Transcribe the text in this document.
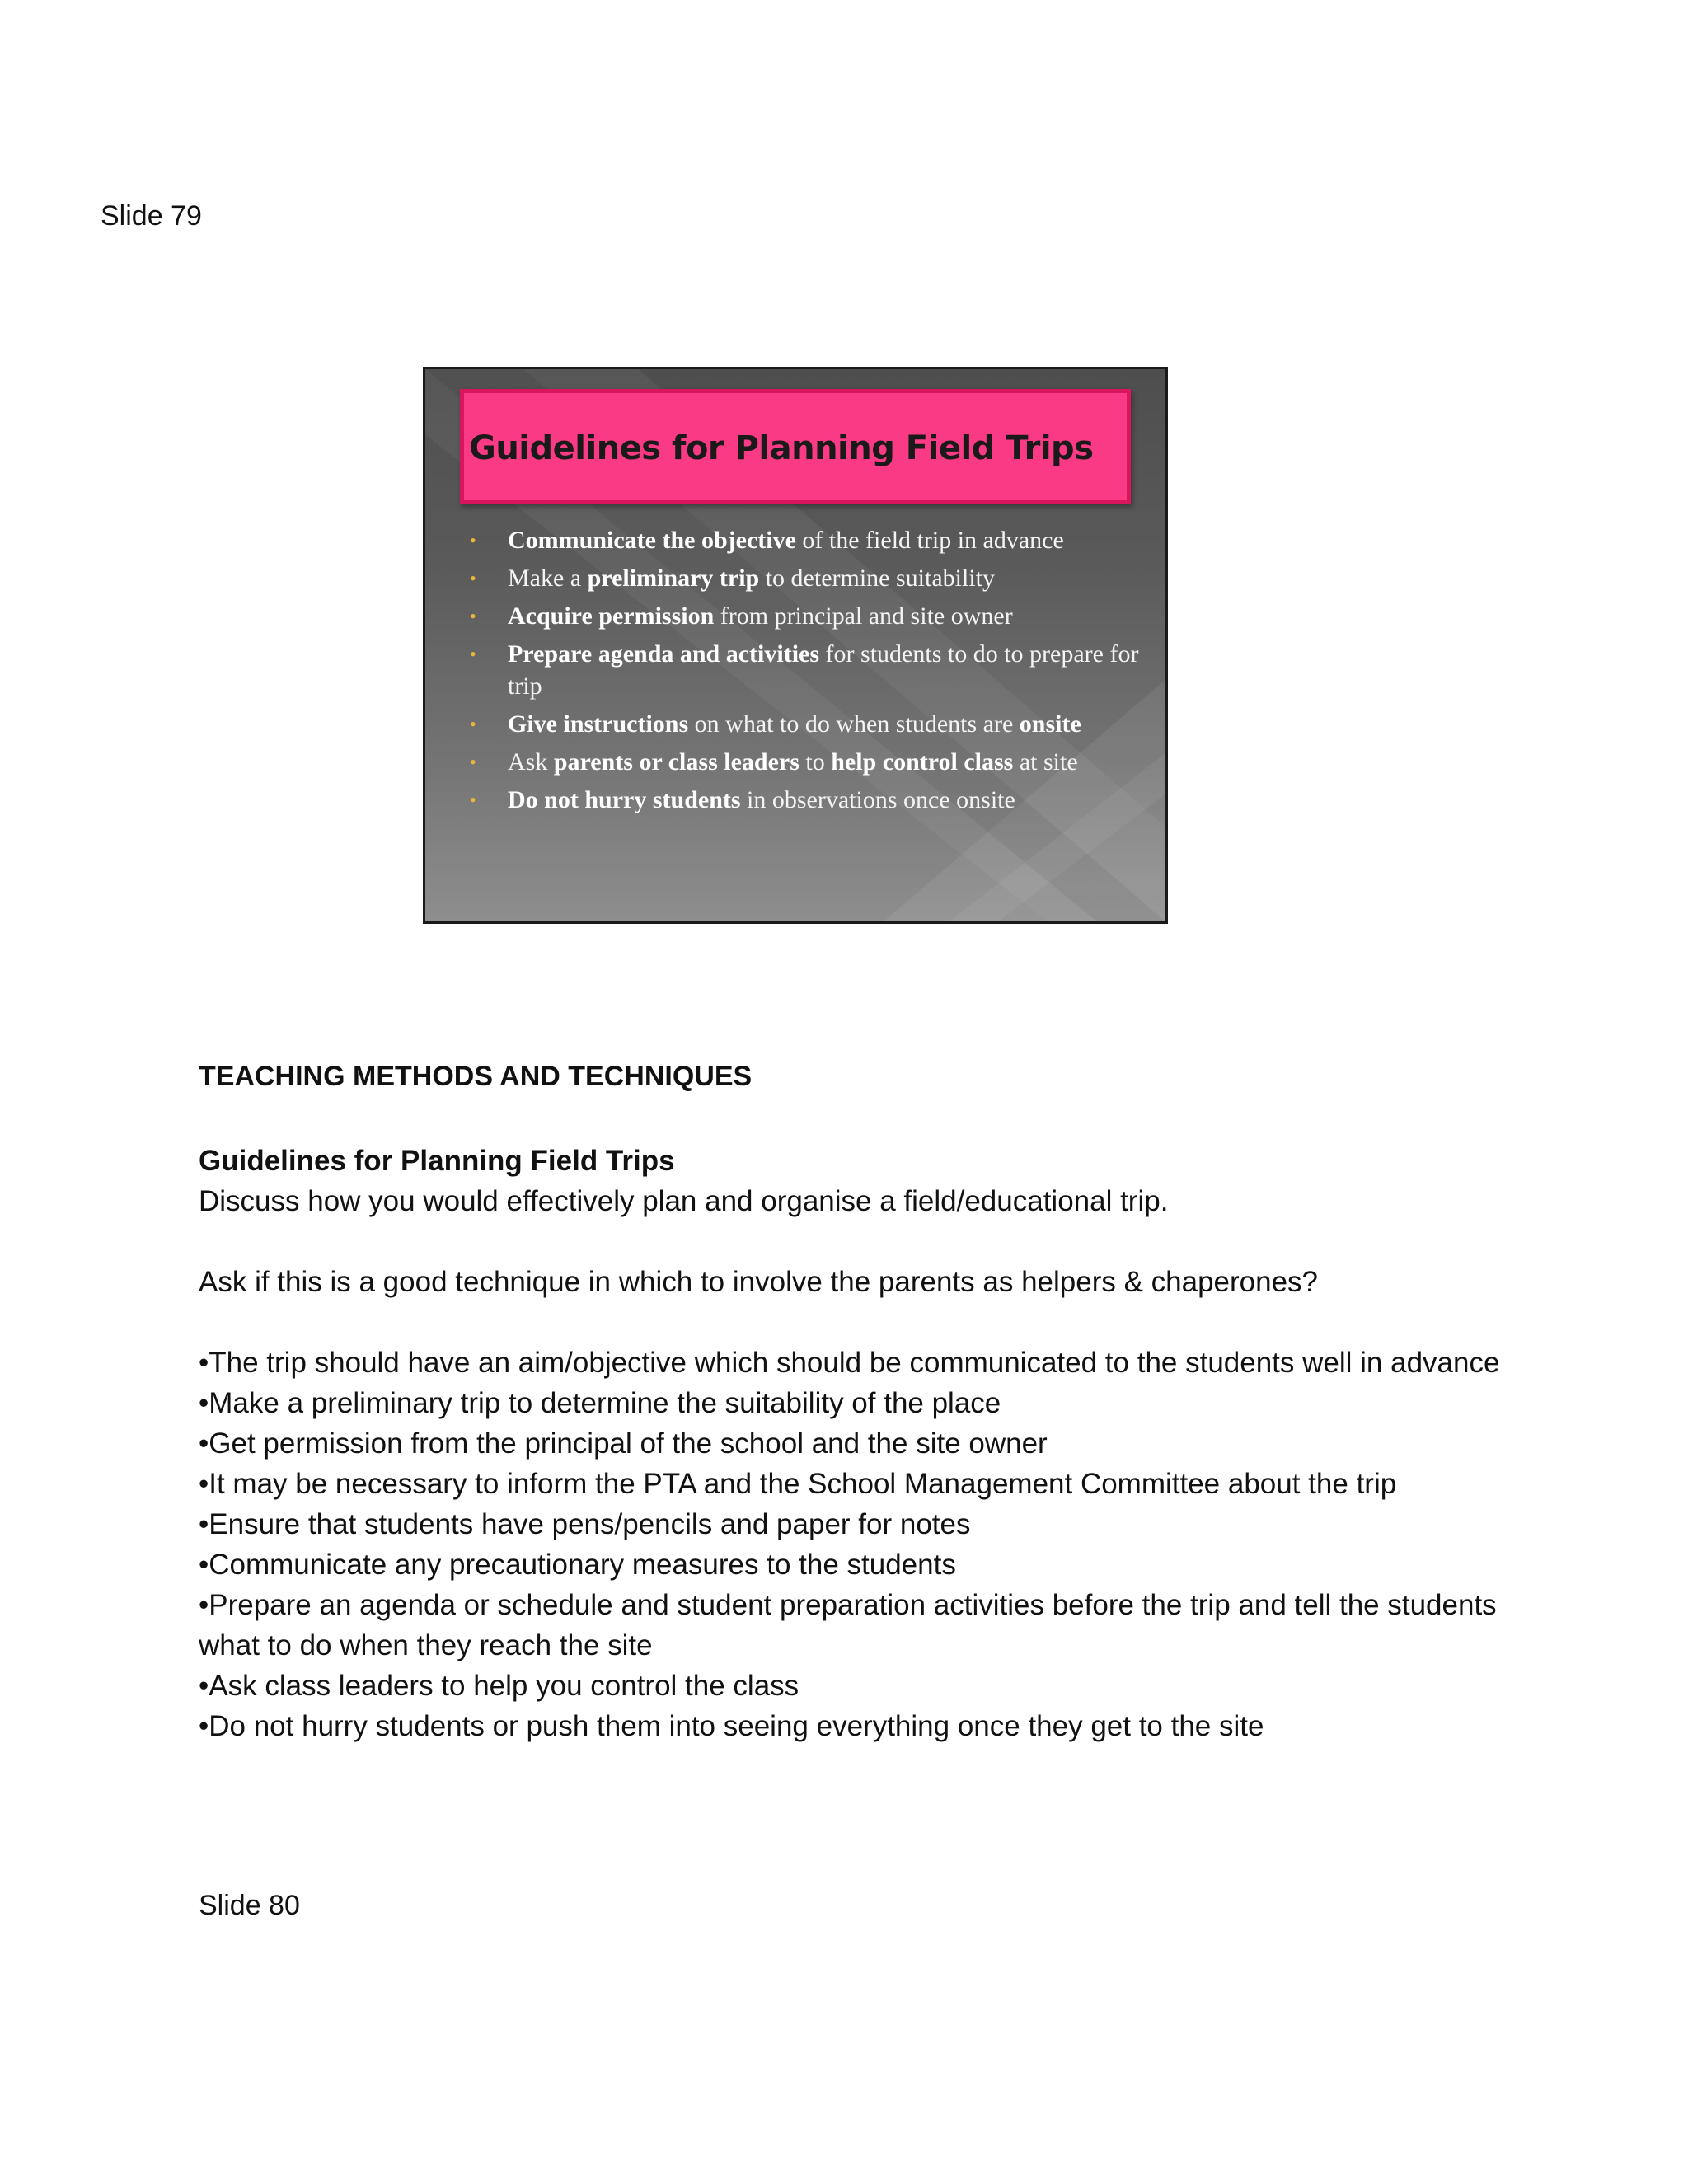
Slide 79
Guidelines for Planning Field Trips
• Communicate the objective of the field trip in advance
• Make a preliminary trip to determine suitability
• Acquire permission from principal and site owner
• Prepare agenda and activities for students to do to prepare for trip
• Give instructions on what to do when students are onsite
• Ask parents or class leaders to help control class at site
• Do not hurry students in observations once onsite
TEACHING METHODS AND TECHNIQUES
Guidelines for Planning Field Trips
Discuss how you would effectively plan and organise a field/educational trip.
Ask if this is a good technique in which to involve the parents as helpers & chaperones?
•The trip should have an aim/objective which should be communicated to the students well in advance
•Make a preliminary trip to determine the suitability of the place
•Get permission from the principal of the school and the site owner
•It may be necessary to inform the PTA and the School Management Committee about the trip
•Ensure that students have pens/pencils and paper for notes
•Communicate any precautionary measures to the students
•Prepare an agenda or schedule and student preparation activities before the trip and tell the students what to do when they reach the site
•Ask class leaders to help you control the class
•Do not hurry students or push them into seeing everything once they get to the site
Slide 80
